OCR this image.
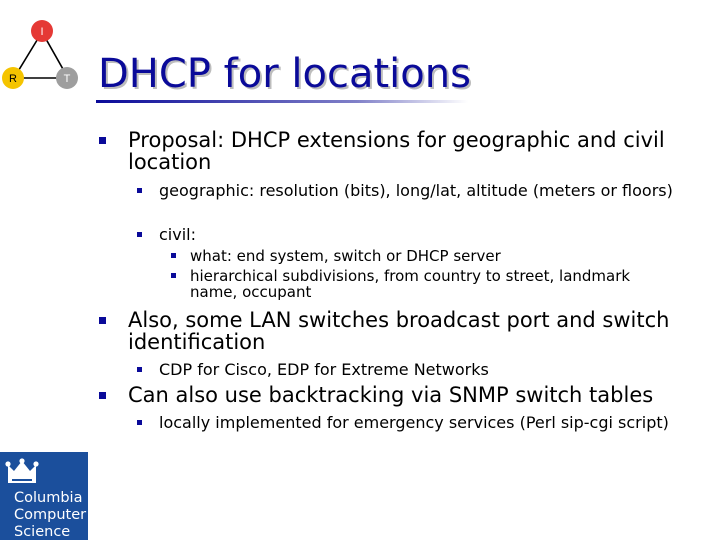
I
R	T DHCP for locations
Proposal: DHCP extensions for geographic and civil location
geographic: resolution (bits), long/lat, altitude (meters or floors)
civil:
what: end system, switch or DHCP server
hierarchical subdivisions, from country to street, landmark name, occupant
Also, some LAN switches broadcast port and switch identification
CDP for Cisco, EDP for Extreme Networks
Can also use backtracking via SNMP switch tables
locally implemented for emergency services (Perl sip-cgi script)
Columbia
Computer
Science
